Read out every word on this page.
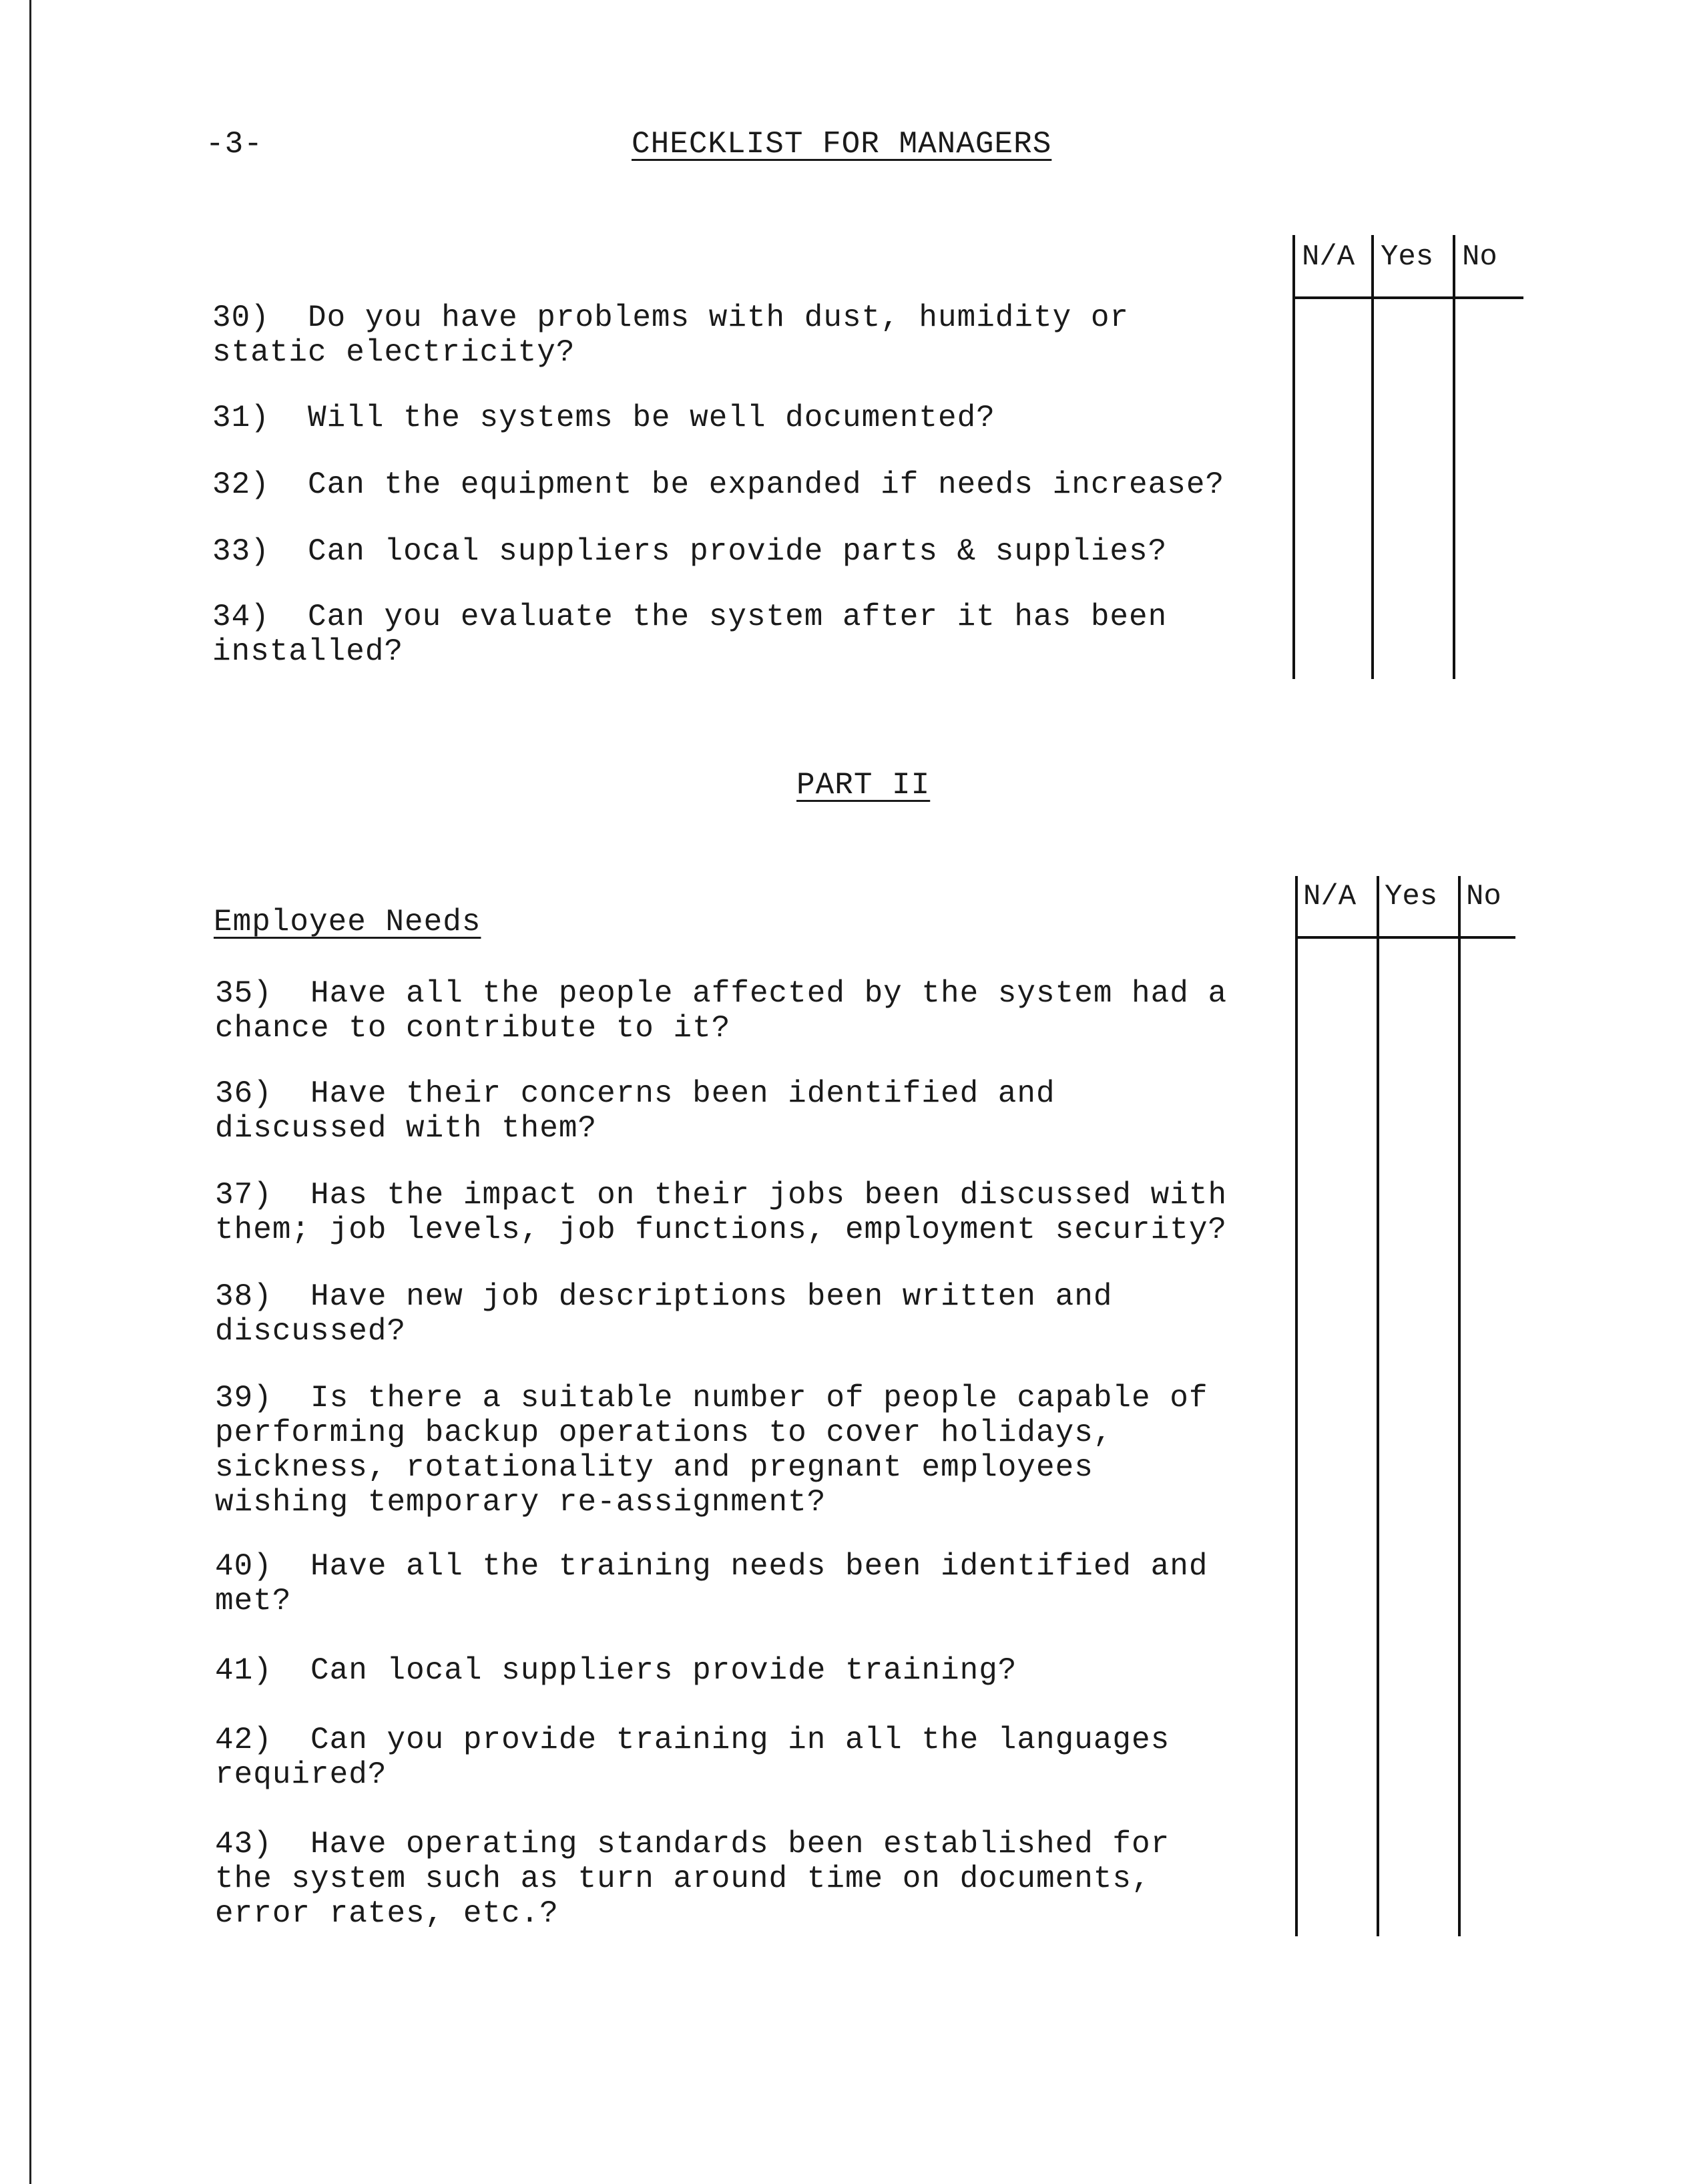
-3-	CHECKLIST FOR MANAGERS
N/A Yes No
30) Do you have problems with dust, humidity or
static electricity?
31) Will the systems be well documented?
32) Can the equipment be expanded if needs increase?
33) Can local suppliers provide parts & supplies?
34) Can you evaluate the system after it has been
installed?
PART II
Employee Needs
N/A Yes No
35) Have all the people affected by the system had a
chance to contribute to it?
36) Have their concerns been identified and
discussed with them?
37) Has the impact on their jobs been discussed with
them; job levels, job functions, employment security?
38) Have new job descriptions been written and
discussed?
39) Is there a suitable number of people capable of
performing backup operations to cover holidays,
sickness, rotationality and pregnant employees
wishing temporary re-assignment?
40) Have all the training needs been identified and
met?
41) Can local suppliers provide training?
42) Can you provide training in all the languages
required?
43) Have operating standards been established for
the system such as turn around time on documents,
error rates, etc.?
